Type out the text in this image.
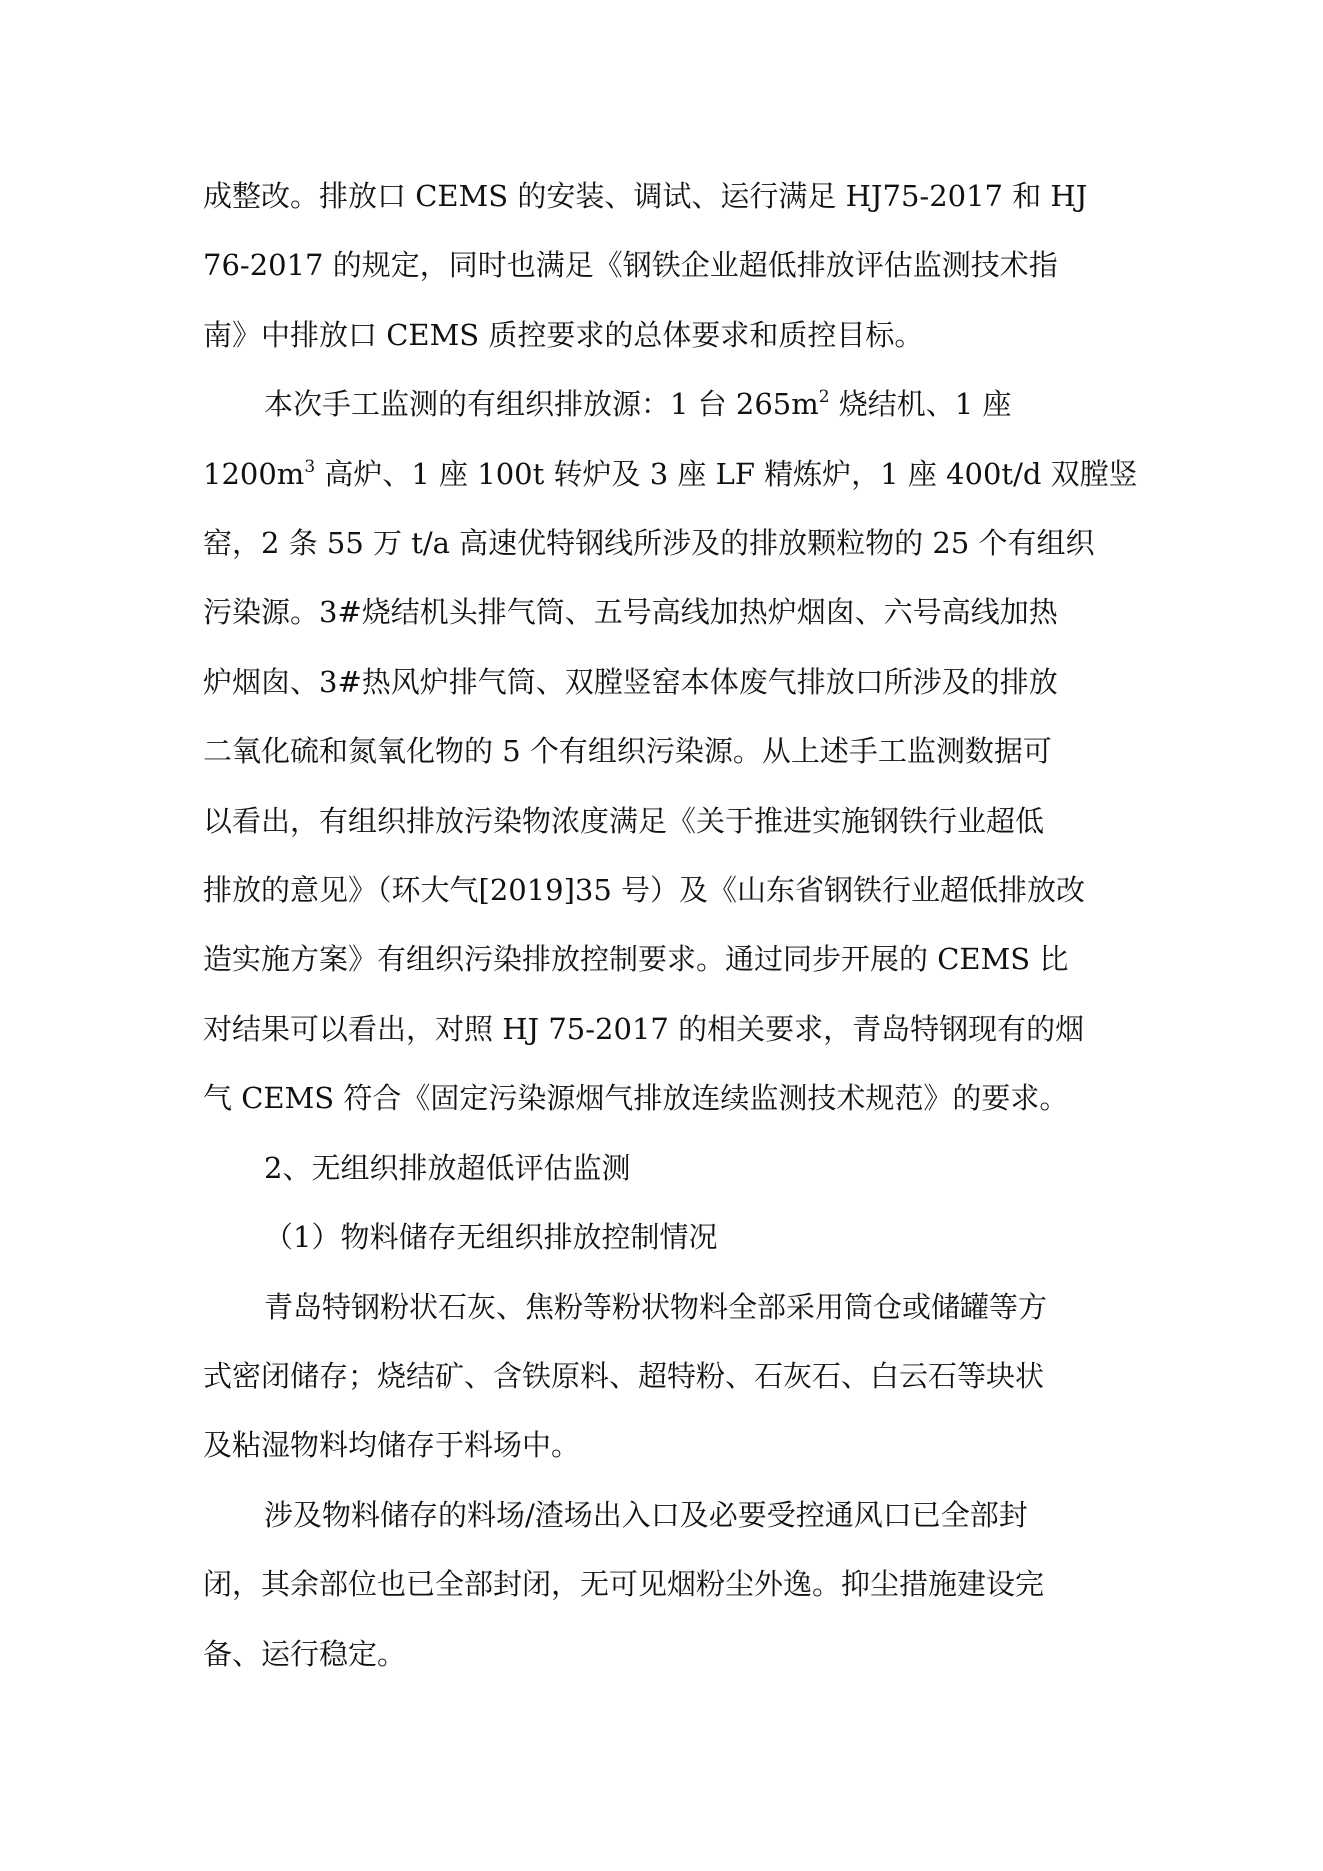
成整改。排放口 CEMS 的安装、调试、运行满足 HJ75-2017 和 HJ
76-2017 的规定，同时也满足《钢铁企业超低排放评估监测技术指
南》中排放口 CEMS 质控要求的总体要求和质控目标。

本次手工监测的有组织排放源：1 台 $265m^2$ 烧结机、1 座
$1200m^3$ 高炉、1 座 100t 转炉及 3 座 LF 精炼炉，1 座 400t/d 双膛竖
窑，2 条 55 万 t/a 高速优特钢线所涉及的排放颗粒物的 25 个有组织
污染源。3#烧结机头排气筒、五号高线加热炉烟囱、六号高线加热
炉烟囱、3#热风炉排气筒、双膛竖窑本体废气排放口所涉及的排放
二氧化硫和氮氧化物的 5 个有组织污染源。从上述手工监测数据可
以看出，有组织排放污染物浓度满足《关于推进实施钢铁行业超低
排放的意见》（环大气[2019]35 号）及《山东省钢铁行业超低排放改
造实施方案》有组织污染排放控制要求。通过同步开展的 CEMS 比
对结果可以看出，对照 HJ 75-2017 的相关要求，青岛特钢现有的烟
气 CEMS 符合《固定污染源烟气排放连续监测技术规范》的要求。

2、无组织排放超低评估监测

（1）物料储存无组织排放控制情况

青岛特钢粉状石灰、焦粉等粉状物料全部采用筒仓或储罐等方
式密闭储存；烧结矿、含铁原料、超特粉、石灰石、白云石等块状
及粘湿物料均储存于料场中。

涉及物料储存的料场/渣场出入口及必要受控通风口已全部封
闭，其余部位也已全部封闭，无可见烟粉尘外逸。抑尘措施建设完
备、运行稳定。
